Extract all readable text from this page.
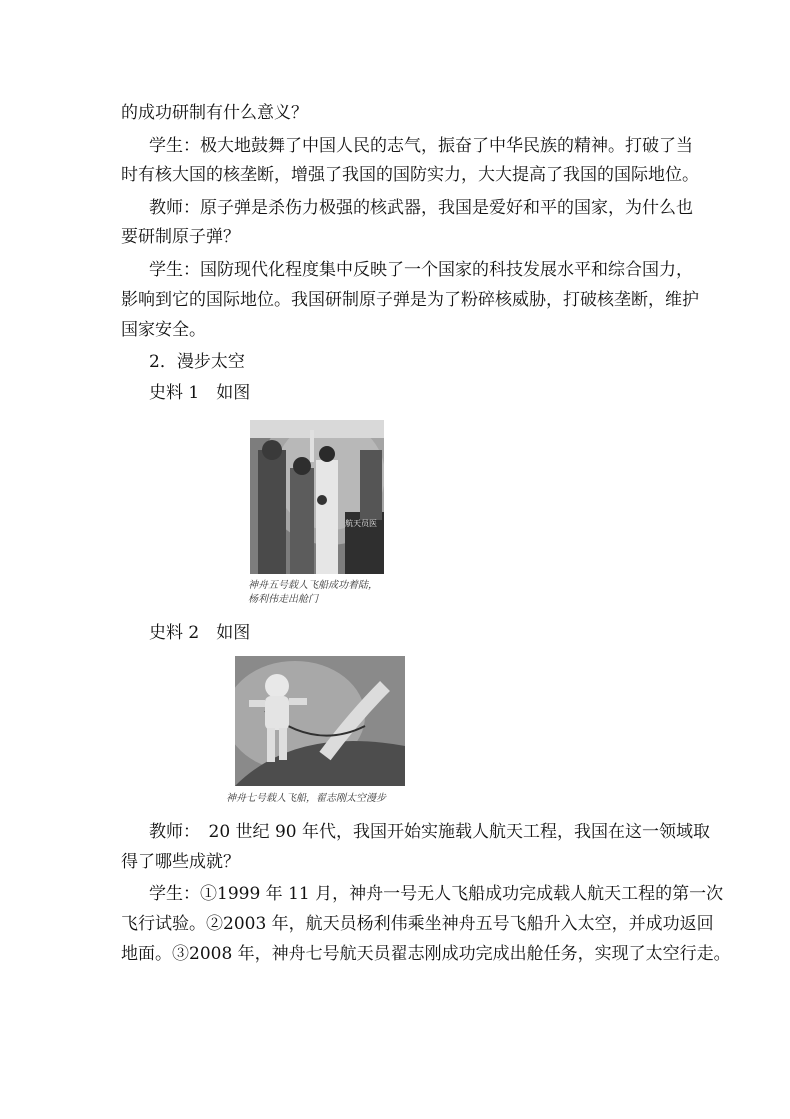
的成功研制有什么意义？
学生：极大地鼓舞了中国人民的志气，振奋了中华民族的精神。打破了当
时有核大国的核垄断，增强了我国的国防实力，大大提高了我国的国际地位。
教师：原子弹是杀伤力极强的核武器，我国是爱好和平的国家，为什么也
要研制原子弹？
学生：国防现代化程度集中反映了一个国家的科技发展水平和综合国力，
影响到它的国际地位。我国研制原子弹是为了粉碎核威胁，打破核垄断，维护
国家安全。
2．漫步太空
史料 1　如图
航天员医
神舟五号载人飞船成功着陆，
杨利伟走出舱门
史料 2　如图
神舟七号载人飞船，翟志刚太空漫步
教师：　20 世纪 90 年代，我国开始实施载人航天工程，我国在这一领域取
得了哪些成就？
学生：①1999 年 11 月，神舟一号无人飞船成功完成载人航天工程的第一次
飞行试验。②2003 年，航天员杨利伟乘坐神舟五号飞船升入太空，并成功返回
地面。③2008 年，神舟七号航天员翟志刚成功完成出舱任务，实现了太空行走。
